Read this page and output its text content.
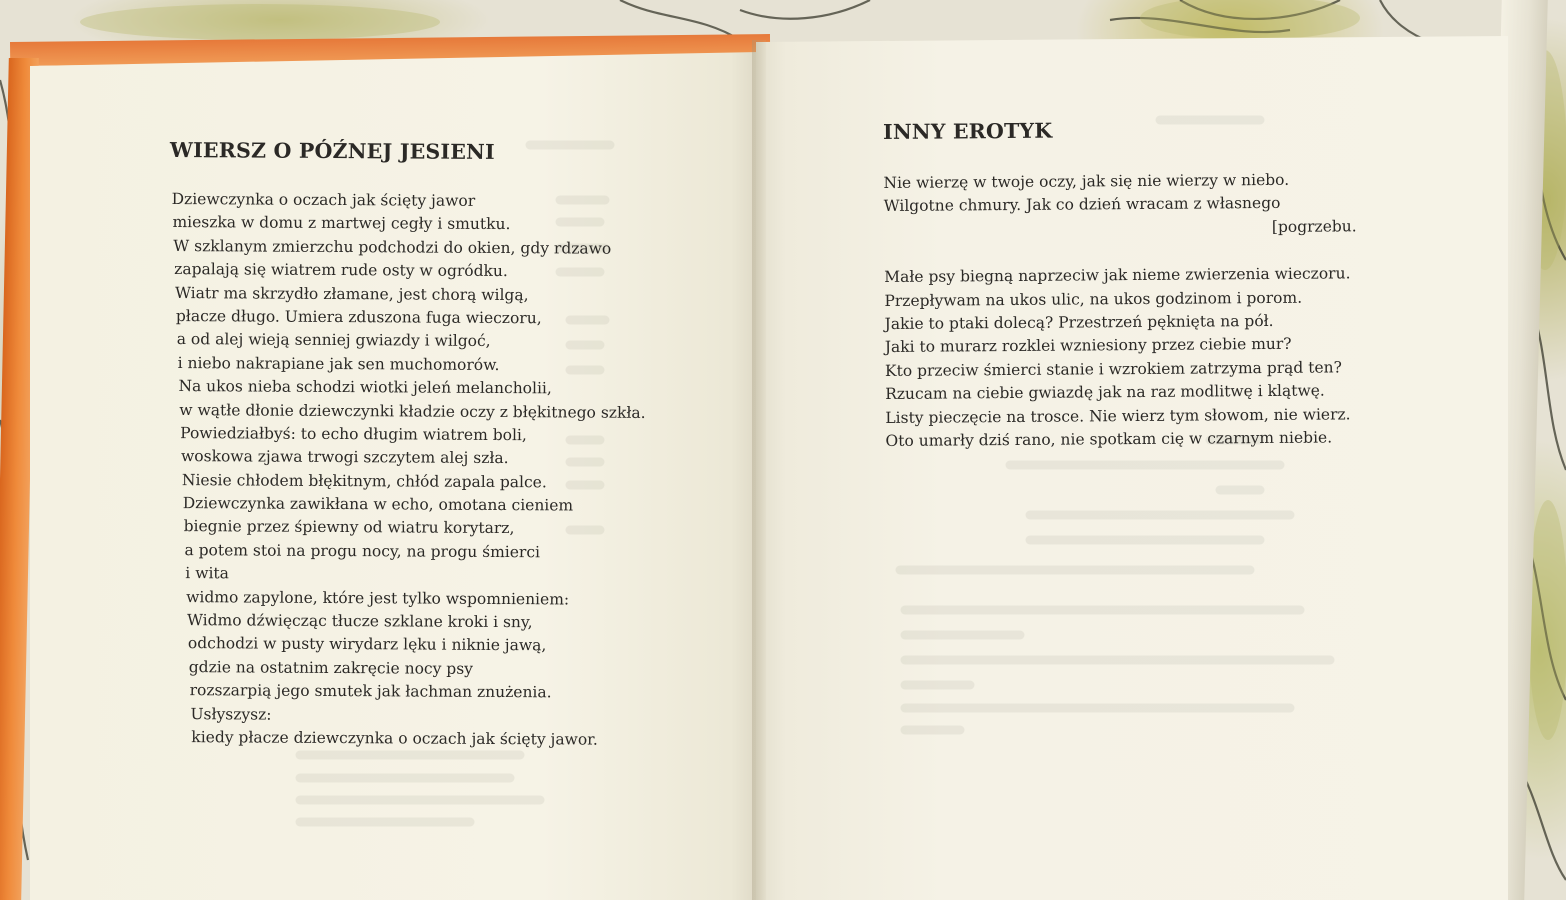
WIERSZ O PÓŹNEJ JESIENI
Dziewczynka o oczach jak ścięty jawor
mieszka w domu z martwej cegły i smutku.
W szklanym zmierzchu podchodzi do okien, gdy rdzawo
zapalają się wiatrem rude osty w ogródku.
Wiatr ma skrzydło złamane, jest chorą wilgą,
płacze długo. Umiera zduszona fuga wieczoru,
a od alej wieją senniej gwiazdy i wilgoć,
i niebo nakrapiane jak sen muchomorów.
Na ukos nieba schodzi wiotki jeleń melancholii,
w wątłe dłonie dziewczynki kładzie oczy z błękitnego szkła.
Powiedziałbyś: to echo długim wiatrem boli,
woskowa zjawa trwogi szczytem alej szła.
Niesie chłodem błękitnym, chłód zapala palce.
Dziewczynka zawikłana w echo, omotana cieniem
biegnie przez śpiewny od wiatru korytarz,
a potem stoi na progu nocy, na progu śmierci
i wita
widmo zapylone, które jest tylko wspomnieniem:
Widmo dźwięcząc tłucze szklane kroki i sny,
odchodzi w pusty wirydarz lęku i niknie jawą,
gdzie na ostatnim zakręcie nocy psy
rozszarpią jego smutek jak łachman znużenia.
Usłyszysz:
kiedy płacze dziewczynka o oczach jak ścięty jawor.
INNY EROTYK
Nie wierzę w twoje oczy, jak się nie wierzy w niebo.
Wilgotne chmury. Jak co dzień wracam z własnego
[pogrzebu.
Małe psy biegną naprzeciw jak nieme zwierzenia wieczoru.
Przepływam na ukos ulic, na ukos godzinom i porom.
Jakie to ptaki dolecą? Przestrzeń pęknięta na pół.
Jaki to murarz rozklei wzniesiony przez ciebie mur?
Kto przeciw śmierci stanie i wzrokiem zatrzyma prąd ten?
Rzucam na ciebie gwiazdę jak na raz modlitwę i klątwę.
Listy pieczęcie na trosce. Nie wierz tym słowom, nie wierz.
Oto umarły dziś rano, nie spotkam cię w czarnym niebie.
